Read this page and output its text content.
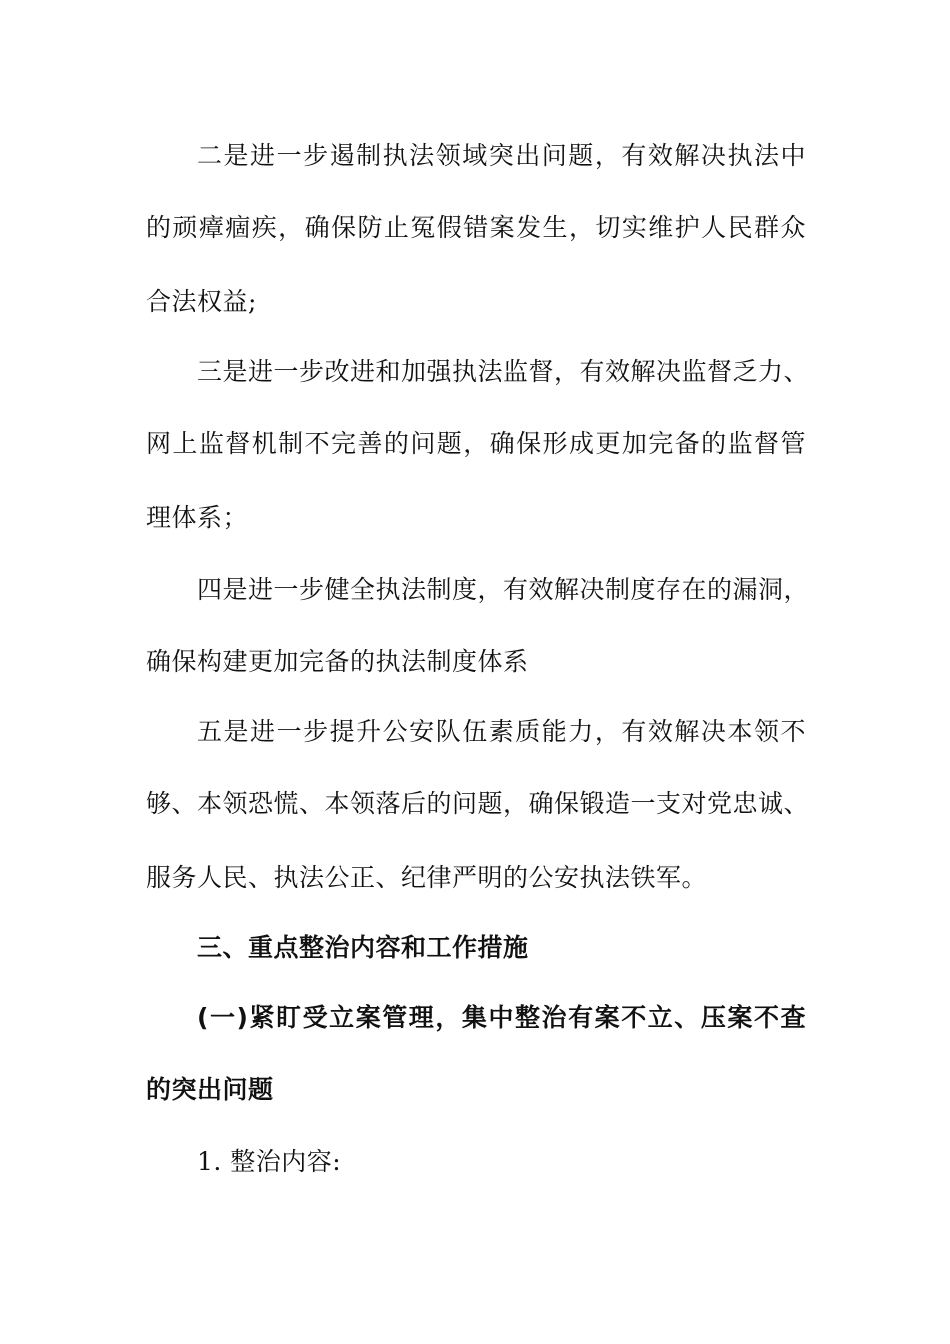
二是进一步遏制执法领域突出问题，有效解决执法中
的顽瘴痼疾，确保防止冤假错案发生，切实维护人民群众
合法权益;
三是进一步改进和加强执法监督，有效解决监督乏力、
网上监督机制不完善的问题，确保形成更加完备的监督管
理体系；
四是进一步健全执法制度，有效解决制度存在的漏洞，
确保构建更加完备的执法制度体系
五是进一步提升公安队伍素质能力，有效解决本领不
够、本领恐慌、本领落后的问题，确保锻造一支对党忠诚、
服务人民、执法公正、纪律严明的公安执法铁军。
三、重点整治内容和工作措施
(一)紧盯受立案管理，集中整治有案不立、压案不查
的突出问题
1. 整治内容:
